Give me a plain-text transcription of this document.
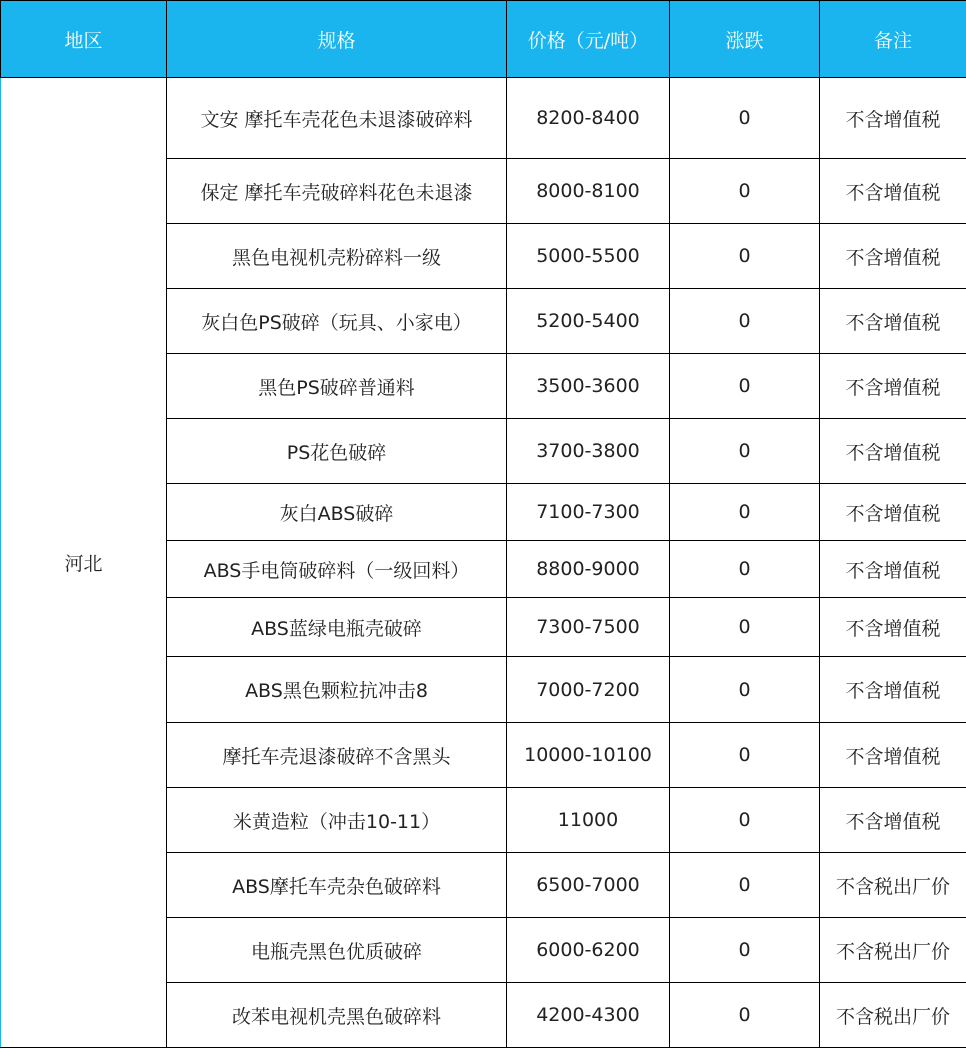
地区	规格	价格（元/吨）	涨跌	备注
河北	文安 摩托车壳花色未退漆破碎料	8200-8400	0	不含增值税
	保定 摩托车壳破碎料花色未退漆	8000-8100	0	不含增值税
	黑色电视机壳粉碎料一级	5000-5500	0	不含增值税
	灰白色PS破碎（玩具、小家电）	5200-5400	0	不含增值税
	黑色PS破碎普通料	3500-3600	0	不含增值税
	PS花色破碎	3700-3800	0	不含增值税
	灰白ABS破碎	7100-7300	0	不含增值税
	ABS手电筒破碎料（一级回料）	8800-9000	0	不含增值税
	ABS蓝绿电瓶壳破碎	7300-7500	0	不含增值税
	ABS黑色颗粒抗冲击8	7000-7200	0	不含增值税
	摩托车壳退漆破碎不含黑头	10000-10100	0	不含增值税
	米黄造粒（冲击10-11）	11000	0	不含增值税
	ABS摩托车壳杂色破碎料	6500-7000	0	不含税出厂价
	电瓶壳黑色优质破碎	6000-6200	0	不含税出厂价
	改苯电视机壳黑色破碎料	4200-4300	0	不含税出厂价
